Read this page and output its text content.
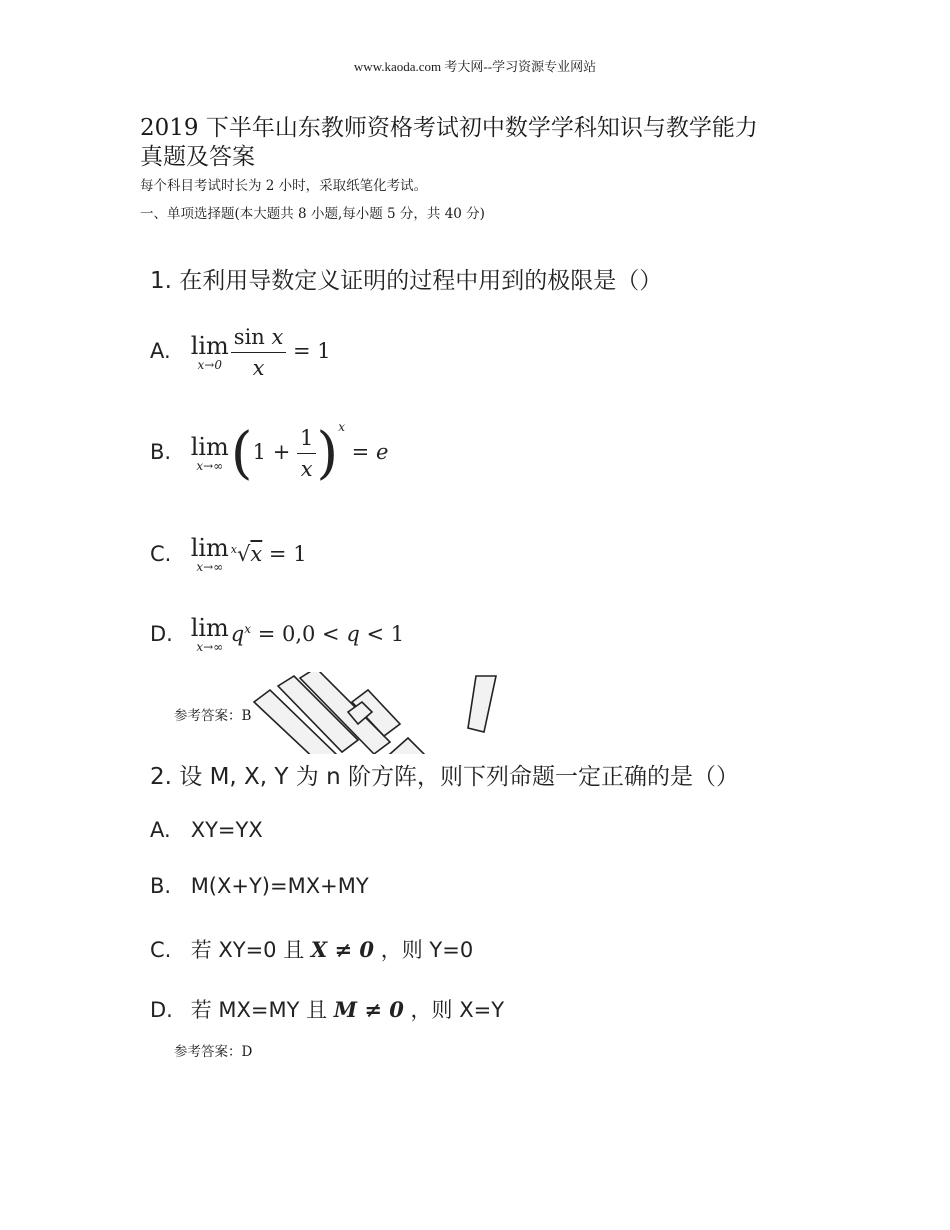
www.kaoda.com 考大网--学习资源专业网站
2019 下半年山东教师资格考试初中数学学科知识与教学能力
真题及答案
每个科目考试时长为 2 小时，采取纸笔化考试。
一、单项选择题(本大题共 8 小题,每小题 5 分，共 40 分)
1. 在利用导数定义证明的过程中用到的极限是（）
A. lim
$x\to 0 \frac{\text{sin x}}{x} = 1$
B. lim
x→∞ $(1 + \frac{1}{x} )^x = e$
C. lim
x→∞
$^x$√x = 1
D. lim
x→∞
$q^x = 0,0 < q < 1$
参考答案：B
2. 设 M, X, Y 为 n 阶方阵，则下列命题一定正确的是（）
A. XY=YX
B. M(X+Y)=MX+MY
C. 若 XY=0 且 X ≠ 0 ，则 Y=0
D. 若 MX=MY 且 M ≠ 0 ，则 X=Y
参考答案：D
